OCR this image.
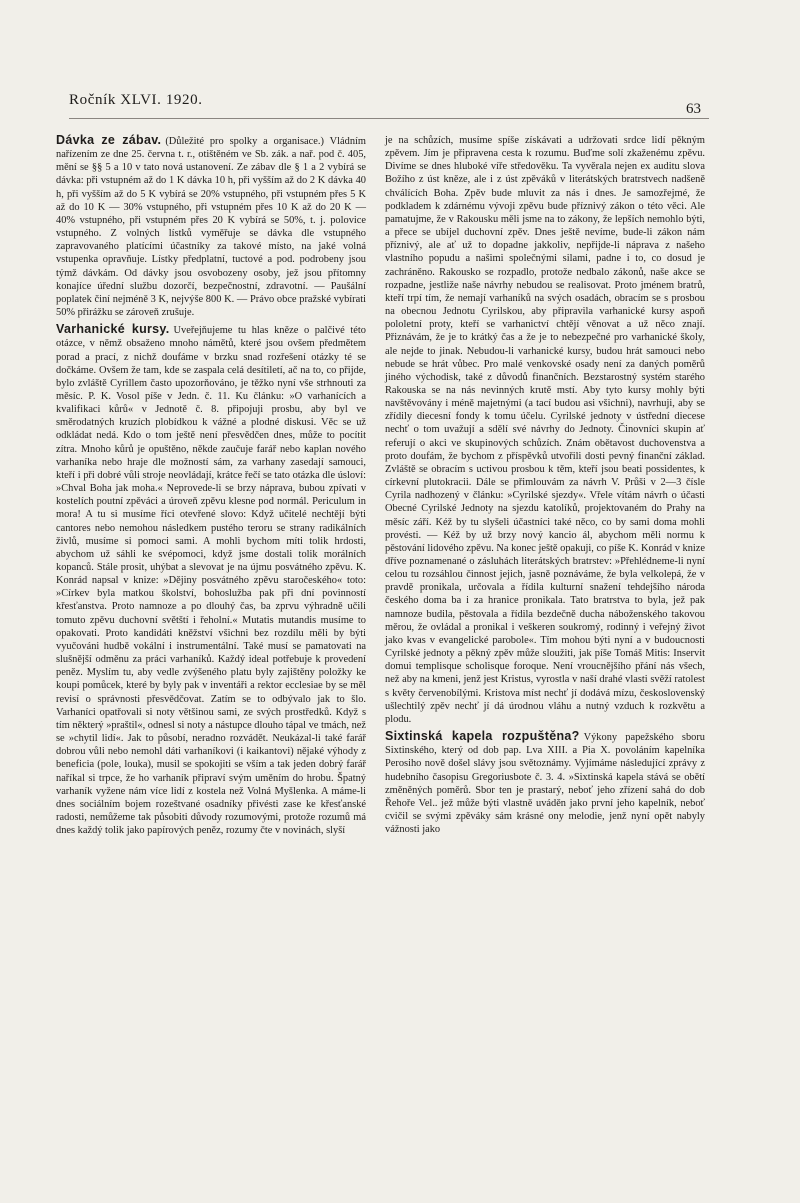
Ročník XLVI. 1920.
63

Dávka ze zábav. (Důležité pro spolky a organisace.) Vládním nařízením ze dne 25. června t. r., otištěném ve Sb. zák. a nař. pod č. 405, mění se §§ 5 a 10 v tato nová ustanovení. Ze zábav dle § 1 a 2 vybírá se dávka: při vstupném až do 1 K dávka 10 h, při vyšším až do 2 K dávka 40 h, při vyšším až do 5 K vybírá se 20% vstupného, při vstupném přes 5 K až do 10 K — 30% vstupného, při vstupném přes 10 K až do 20 K — 40% vstupného, při vstupném přes 20 K vybírá se 50%, t. j. polovice vstupného. Z volných lístků vyměřuje se dávka dle vstupného zapravovaného platícími účastníky za takové místo, na jaké volná vstupenka opravňuje. Lístky předplatní, tuctové a pod. podrobeny jsou týmž dávkám. Od dávky jsou osvobozeny osoby, jež jsou přítomny konajíce úřední službu dozorčí, bezpečnostní, zdravotní. — Paušální poplatek činí nejméně 3 K, nejvýše 800 K. — Právo obce pražské vybírati 50% přirážku se zároveň zrušuje.

Varhanické kursy. Uveřejňujeme tu hlas kněze o palčivé této otázce, v němž obsaženo mnoho námětů, které jsou ovšem předmětem porad a prací, z nichž doufáme v brzku snad rozřešení otázky té se dočkáme. Ovšem že tam, kde se zaspala celá desítiletí, ač na to, co přijde, bylo zvláště Cyrillem často upozorňováno, je těžko nyní vše strhnouti za měsíc. P. K. Vosol píše v Jedn. č. 11. Ku článku: »O varhanících a kvalifikaci kůrů« v Jednotě č. 8. připojuji prosbu, aby byl ve směrodatných kruzích plobídkou k vážné a plodné diskusi. Věc se už odkládat nedá. Kdo o tom ještě není přesvědčen dnes, může to pocítit zítra. Mnoho kůrů je opuštěno, někde zaučuje farář nebo kaplan nového varhaníka nebo hraje dle možností sám, za varhany zasedají samouci, kteří i při dobré vůli stroje neovládají, krátce řečí se tato otázka dle úsloví: »Chval Boha jak moha.« Neprovede-li se brzy náprava, bubou zpívati v kostelích poutní zpěváci a úroveň zpěvu klesne pod normál. Periculum in mora! A tu si musíme říci otevřené slovo: Když učitelé nechtějí býti cantores nebo nemohou následkem pustého teroru se strany radikálních živlů, musíme si pomoci sami. A mohli bychom míti tolik hrdosti, abychom už sáhli ke svépomoci, když jsme dostali tolik morálních kopanců. Stále prosit, uhýbat a slevovat je na újmu posvátného zpěvu. K. Konrád napsal v knize: »Dějiny posvátného zpěvu staročeského« toto: »Církev byla matkou školství, bohoslužba pak při dní povinností křesťanstva. Proto namnoze a po dlouhý čas, ba zprvu výhradně učili tomuto zpěvu duchovní světští i řeholní.« Mutatis mutandis musíme to opakovati. Proto kandidáti kněžství všichni bez rozdílu měli by býti vyučováni hudbě vokální i instrumentální. Také musí se pamatovati na slušnější odměnu za práci varhaníků. Každý ideal potřebuje k provedení peněz. Myslím tu, aby vedle zvýšeného platu byly zajištěny položky ke koupi pomůcek, které by byly pak v inventáři a rektor ecclesiae by se měl revisí o správnosti přesvědčovat. Zatím se to odbývalo jak to šlo. Varhaníci opatřovali si noty většinou sami, ze svých prostředků. Když s tím některý »praštil«, odnesl si noty a nástupce dlouho tápal ve tmách, než se »chytil lidí«. Jak to působí, neradno rozvádět. Neukázal-li také farář dobrou vůli nebo nemohl dáti varhaníkovi (i kaikantovi) nějaké výhody z beneficia (pole, louka), musil se spokojiti se vším a tak jeden dobrý farář naříkal si trpce, že ho varhaník připraví svým uměním do hrobu. Špatný varhaník vyžene nám více lidí z kostela než Volná Myšlenka. A máme-li dnes sociálním bojem rozeštvané osadníky přivésti zase ke křesťanské radosti, nemůžeme tak působiti důvody rozumovými, protože rozumů má dnes každý tolik jako papírových peněz, rozumy čte v novinách, slyší

je na schůzích, musíme spíše získávati a udržovati srdce lidí pěkným zpěvem. Jím je připravena cesta k rozumu. Buďme solí zkaženému zpěvu. Divíme se dnes hluboké víře středověku. Ta vyvěrala nejen ex auditu slova Božího z úst kněze, ale i z úst zpěváků v literátských bratrstvech nadšeně chválících Boha. Zpěv bude mluvit za nás i dnes. Je samozřejmé, že podkladem k zdárnému vývoji zpěvu bude příznivý zákon o této věci. Ale pamatujme, že v Rakousku měli jsme na to zákony, že lepších nemohlo býti, a přece se ubíjel duchovní zpěv. Dnes ještě nevíme, bude-li zákon nám příznivý, ale ať už to dopadne jakkoliv, nepřijde-li náprava z našeho vlastního popudu a našimi společnými silami, padne i to, co dosud je zachráněno. Rakousko se rozpadlo, protože nedbalo zákonů, naše akce se rozpadne, jestliže naše návrhy nebudou se realisovat. Proto jménem bratrů, kteří trpí tím, že nemají varhaníků na svých osadách, obracím se s prosbou na obecnou Jednotu Cyrilskou, aby připravila varhanické kursy aspoň pololetní proty, kteří se varhanictví chtějí věnovat a už něco znají. Přiznávám, že je to krátký čas a že je to nebezpečné pro varhanické školy, ale nejde to jinak. Nebudou-li varhanické kursy, budou hrát samouci nebo nebude se hrát vůbec. Pro malé venkovské osady není za daných poměrů jiného východisk, také z důvodů finančních. Bezstarostný systém starého Rakouska se na nás nevinných krutě mstí. Aby tyto kursy mohly býti navštěvovány i méně majetnými (a tací budou asi všichni), navrhuji, aby se zřídily diecesní fondy k tomu účelu. Cyrilské jednoty v ústřední diecese nechť o tom uvažují a sdělí své návrhy do Jednoty. Činovníci skupin ať referují o akci ve skupinových schůzích. Znám obětavost duchovenstva a proto doufám, že bychom z příspěvků utvořili dosti pevný finanční základ. Zvláště se obracím s uctivou prosbou k těm, kteří jsou beati possidentes, k církevní plutokracii. Dále se přimlouvám za návrh V. Průši v 2—3 čísle Cyrila nadhozený v článku: »Cyrilské sjezdy«. Vřele vítám návrh o účasti Obecné Cyrilské Jednoty na sjezdu katolíků, projektovaném do Prahy na měsíc září. Kéž by tu slyšeli účastníci také něco, co by sami doma mohli provésti. — Kéž by už brzy nový kancio ál, abychom měli normu k pěstování lidového zpěvu. Na konec ještě opakuji, co píše K. Konrád v knize dříve poznamenané o zásluhách literátských bratrstev: »Přehlédneme-li nyní celou tu rozsáhlou činnost jejich, jasně poznáváme, že byla velkolepá, že v pravdě pronikala, určovala a řídila kulturní snažení tehdejšího národa českého doma ba i za hranice pronikala. Tato bratrstva to byla, jež pak namnoze budila, pěstovala a řídila bezdečně ducha náboženského takovou měrou, že ovládal a pronikal i veškeren soukromý, rodinný i veřejný život jako kvas v evangelické parobole«. Tím mohou býti nyní a v budoucnosti Cyrilské jednoty a pěkný zpěv může sloužiti, jak píše Tomáš Mitis: Inservit domui templisque scholisque foroque. Není vroucnějšího přání nás všech, než aby na kmeni, jenž jest Kristus, vyrostla v naší drahé vlasti svěží ratolest s květy červenobílými. Kristova míst nechť jí dodává mízu, československý ušlechtilý zpěv nechť jí dá úrodnou vláhu a nutný vzduch k rozkvětu a plodu.

Sixtinská kapela rozpuštěna? Výkony papežského sboru Sixtinského, který od dob pap. Lva XIII. a Pia X. povoláním kapelníka Perosiho nově došel slávy jsou světoznámy. Vyjímáme následující zprávy z hudebního časopisu Gregoriusbote č. 3. 4. »Sixtinská kapela stává se obětí změněných poměrů. Sbor ten je prastarý, neboť jeho zřízení sahá do dob Řehoře Vel.. jež může býti vlastně uváděn jako první jeho kapelník, neboť cvičil se svými zpěváky sám krásné ony melodie, jenž nyní opět nabyly vážnosti jako
